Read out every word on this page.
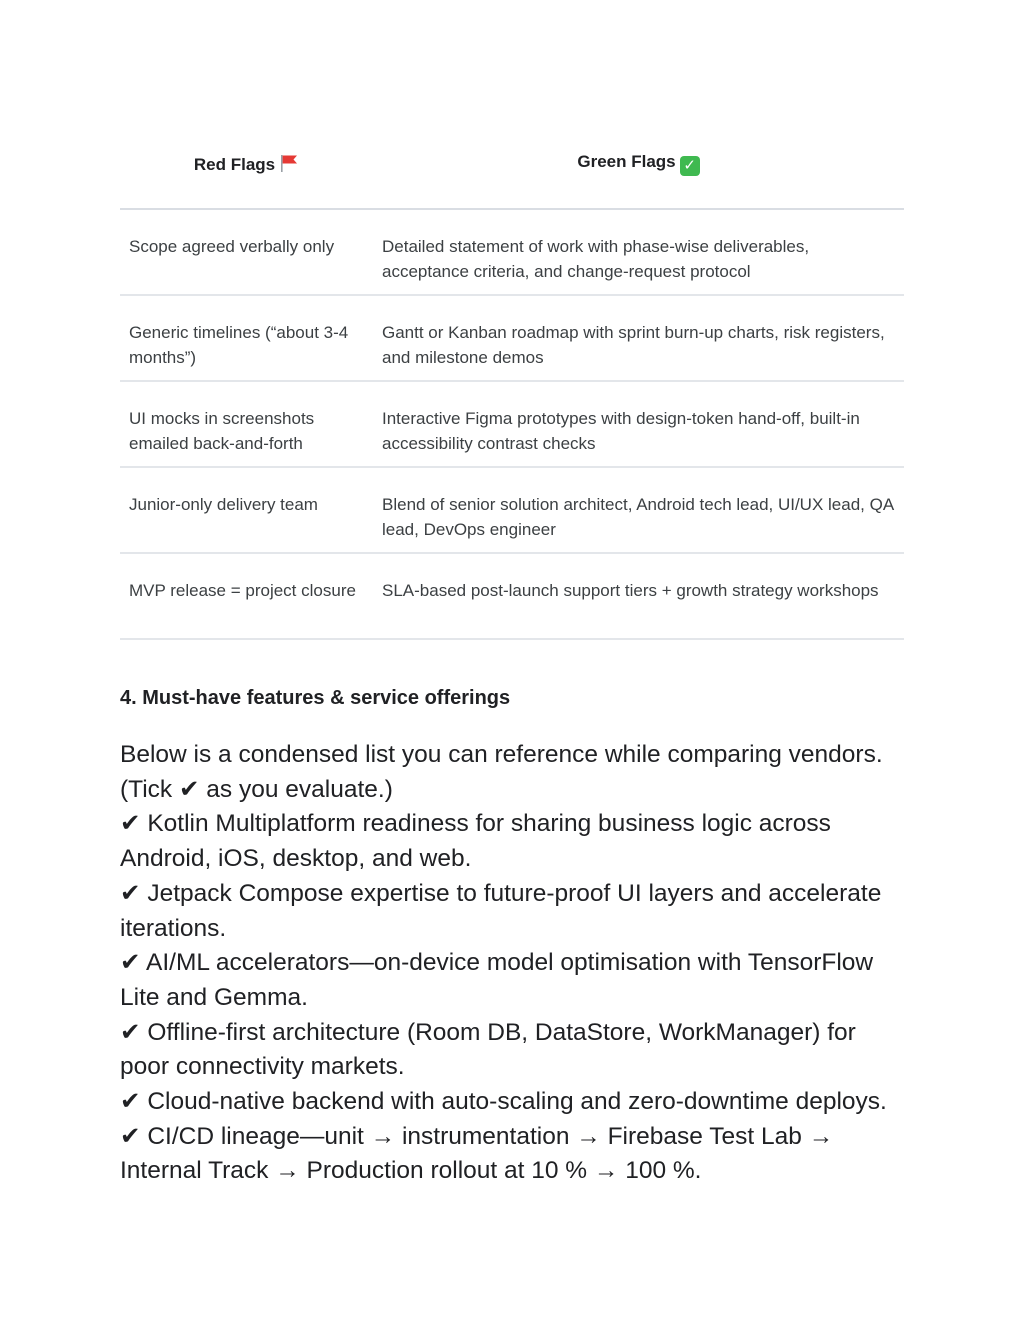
Red Flags	Green Flags ✓
Scope agreed verbally only	Detailed statement of work with phase-wise deliverables, acceptance criteria, and change-request protocol
Generic timelines (“about 3-4 months”)	Gantt or Kanban roadmap with sprint burn-up charts, risk registers, and milestone demos
UI mocks in screenshots emailed back-and-forth	Interactive Figma prototypes with design-token hand-off, built-in accessibility contrast checks
Junior-only delivery team	Blend of senior solution architect, Android tech lead, UI/UX lead, QA lead, DevOps engineer
MVP release = project closure	SLA-based post-launch support tiers + growth strategy workshops
4. Must-have features & service offerings
Below is a condensed list you can reference while comparing vendors. (Tick ✔ as you evaluate.)
✔ Kotlin Multiplatform readiness for sharing business logic across Android, iOS, desktop, and web.
✔ Jetpack Compose expertise to future-proof UI layers and accelerate iterations.
✔ AI/ML accelerators—on-device model optimisation with TensorFlow Lite and Gemma.
✔ Offline-first architecture (Room DB, DataStore, WorkManager) for poor connectivity markets.
✔ Cloud-native backend with auto-scaling and zero-downtime deploys.
✔ CI/CD lineage—unit → instrumentation → Firebase Test Lab → Internal Track → Production rollout at 10 % → 100 %.
